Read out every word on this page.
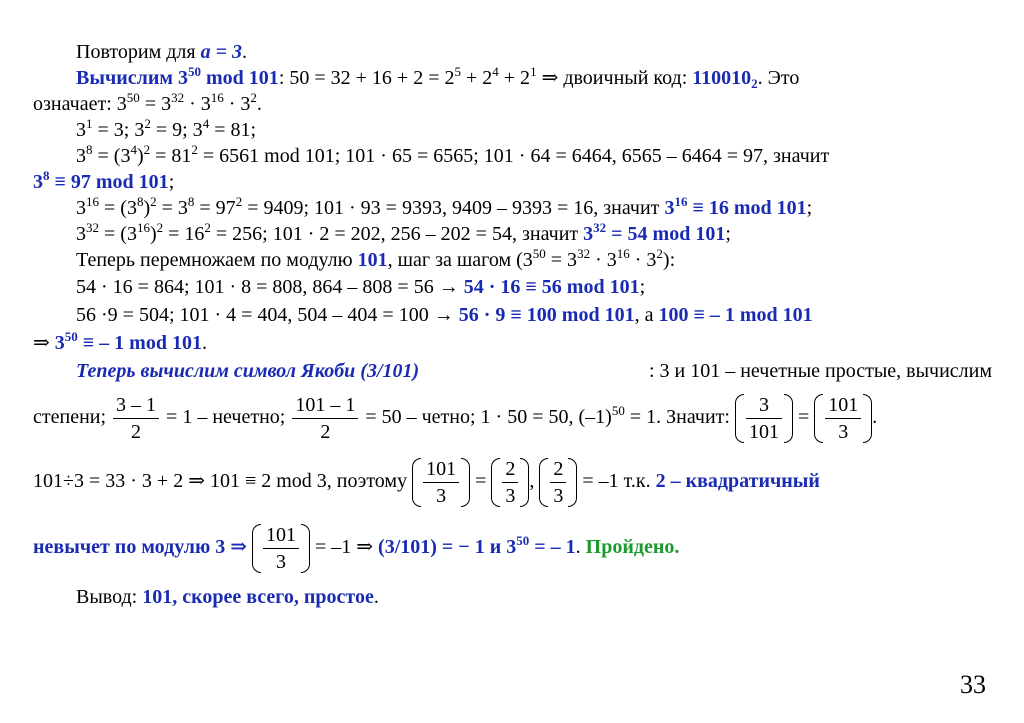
Повторим для a = 3.
Вычислим $3^{50}$ mod 101: $50 = 32 + 16 + 2 = 2^5 + 2^4 + 2^1$ ⇒ двоичный код: $110010_2$. Это
означает: $3^{50} = 3^{32} \cdot 3^{16} \cdot 3^2$.
$3^1 = 3$; $3^2 = 9$; $3^4 = 81$;
$3^8 = (3^4)^2 = 81^2 = 6561$ mod 101; 101 · 65 = 6565; 101 · 64 = 6464, 6565 – 6464 = 97, значит
$3^8 \equiv 97$ mod 101;
$3^{16} = (3^8)^2 = 3^8 = 97^2 = 9409$; 101 · 93 = 9393, 9409 – 9393 = 16, значит $3^{16} \equiv 16$ mod 101;
$3^{32} = (3^{16})^2 = 16^2 = 256$; 101 · 2 = 202, 256 – 202 = 54, значит $3^{32} = 54$ mod 101;
Теперь перемножаем по модулю 101, шаг за шагом $(3^{50} = 3^{32} \cdot 3^{16} \cdot 3^2)$:
54 · 16 = 864; 101 · 8 = 808, 864 – 808 = 56 → 54 · 16 ≡ 56 mod 101;
56 ·9 = 504; 101 · 4 = 404, 504 – 404 = 100 → 56 · 9 ≡ 100 mod 101, а 100 ≡ – 1 mod 101
⇒ $3^{50}$ ≡ – 1 mod 101.
Теперь вычислим символ Якоби (3/101)	: 3 и 101 – нечетные простые, вычислим
степени; $\frac{3 - 1}{2} = 1$ – нечетно; $\frac{101 - 1}{2} = 50$ – четно; 1 · 50 = 50, $(-1)^{50} = 1$. Значит: $\frac{3}{101} = \frac{101}{3}$ .
101÷3 = 33 · 3 + 2 ⇒ 101 ≡ 2 mod 3, поэтому $\frac{101}{3} = \frac{2}{3}$ , $\frac{2}{3} = -1$ т.к. 2 – квадратичный
невычет по модулю 3 ⇒ $\frac{101}{3} = -1$ ⇒ (3/101) = − 1 и $3^{50}$ = – 1. Пройдено.
Вывод: 101, скорее всего, простое.
33
